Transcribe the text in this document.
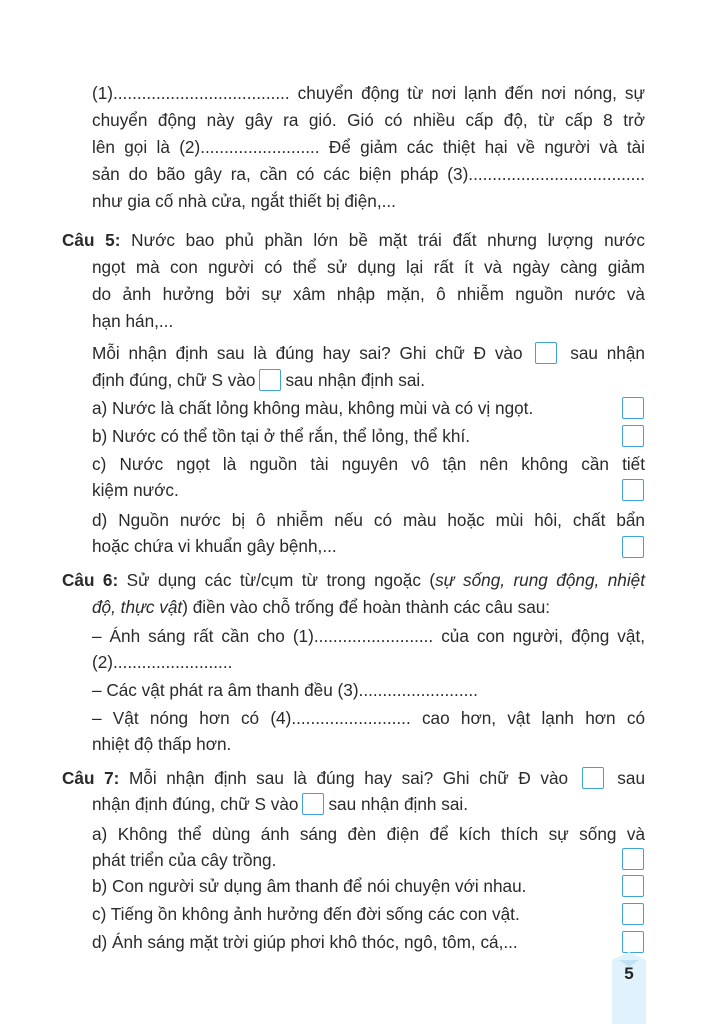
(1)..................................... chuyển động từ nơi lạnh đến nơi nóng, sự
chuyển động này gây ra gió. Gió có nhiều cấp độ, từ cấp 8 trở
lên gọi là (2)......................... Để giảm các thiệt hại về người và tài
sản do bão gây ra, cần có các biện pháp (3).....................................
như gia cố nhà cửa, ngắt thiết bị điện,...
Câu 5: Nước bao phủ phần lớn bề mặt trái đất nhưng lượng nước
ngọt mà con người có thể sử dụng lại rất ít và ngày càng giảm
do ảnh hưởng bởi sự xâm nhập mặn, ô nhiễm nguồn nước và
hạn hán,...
Mỗi nhận định sau là đúng hay sai? Ghi chữ Đ vào	sau nhận
định đúng, chữ S vào sau nhận định sai.
a) Nước là chất lỏng không màu, không mùi và có vị ngọt.
b) Nước có thể tồn tại ở thể rắn, thể lỏng, thể khí.
c) Nước ngọt là nguồn tài nguyên vô tận nên không cần tiết
kiệm nước.
d) Nguồn nước bị ô nhiễm nếu có màu hoặc mùi hôi, chất bẩn
hoặc chứa vi khuẩn gây bệnh,...
Câu 6: Sử dụng các từ/cụm từ trong ngoặc (sự sống, rung động, nhiệt
độ, thực vật) điền vào chỗ trống để hoàn thành các câu sau:
– Ánh sáng rất cần cho (1)......................... của con người, động vật,
(2).........................
– Các vật phát ra âm thanh đều (3).........................
– Vật nóng hơn có (4)......................... cao hơn, vật lạnh hơn có
nhiệt độ thấp hơn.
Câu 7: Mỗi nhận định sau là đúng hay sai? Ghi chữ Đ vào	sau
nhận định đúng, chữ S vào sau nhận định sai.
a) Không thể dùng ánh sáng đèn điện để kích thích sự sống và
phát triển của cây trồng.
b) Con người sử dụng âm thanh để nói chuyện với nhau.
c) Tiếng ồn không ảnh hưởng đến đời sống các con vật.
d) Ánh sáng mặt trời giúp phơi khô thóc, ngô, tôm, cá,...
5
